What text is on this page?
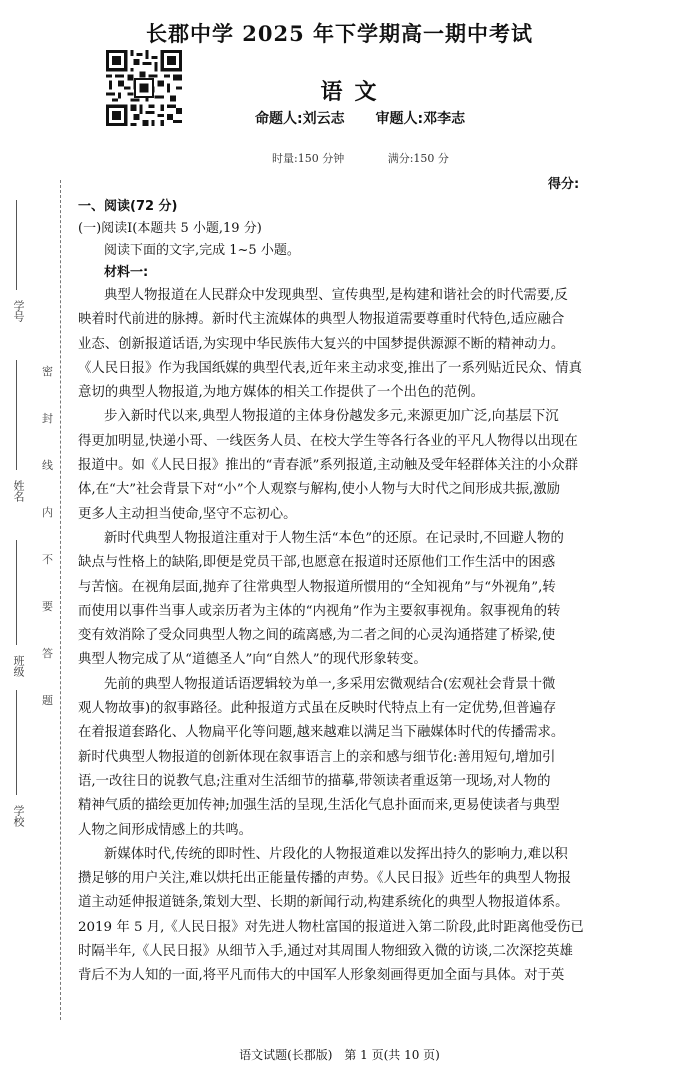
长郡中学 2025 年下学期高一期中考试
语文
命题人:刘云志 审题人:邓李志
时量:150 分钟	满分:150 分
得分:
学号
姓名
班级
学校
密
封
线
内
不
要
答
题
一、阅读(72 分)
(一)阅读Ⅰ(本题共 5 小题,19 分)
阅读下面的文字,完成 1~5 小题。
材料一:
典型人物报道在人民群众中发现典型、宣传典型,是构建和谐社会的时代需要,反
映着时代前进的脉搏。新时代主流媒体的典型人物报道需要尊重时代特色,适应融合
业态、创新报道话语,为实现中华民族伟大复兴的中国梦提供源源不断的精神动力。
《人民日报》作为我国纸媒的典型代表,近年来主动求变,推出了一系列贴近民众、情真
意切的典型人物报道,为地方媒体的相关工作提供了一个出色的范例。
步入新时代以来,典型人物报道的主体身份越发多元,来源更加广泛,向基层下沉
得更加明显,快递小哥、一线医务人员、在校大学生等各行各业的平凡人物得以出现在
报道中。如《人民日报》推出的“青春派”系列报道,主动触及受年轻群体关注的小众群
体,在“大”社会背景下对“小”个人观察与解构,使小人物与大时代之间形成共振,激励
更多人主动担当使命,坚守不忘初心。
新时代典型人物报道注重对于人物生活“本色”的还原。在记录时,不回避人物的
缺点与性格上的缺陷,即便是党员干部,也愿意在报道时还原他们工作生活中的困惑
与苦恼。在视角层面,抛弃了往常典型人物报道所惯用的“全知视角”与“外视角”,转
而使用以事件当事人或亲历者为主体的“内视角”作为主要叙事视角。叙事视角的转
变有效消除了受众同典型人物之间的疏离感,为二者之间的心灵沟通搭建了桥梁,使
典型人物完成了从“道德圣人”向“自然人”的现代形象转变。
先前的典型人物报道话语逻辑较为单一,多采用宏微观结合(宏观社会背景十微
观人物故事)的叙事路径。此种报道方式虽在反映时代特点上有一定优势,但普遍存
在着报道套路化、人物扁平化等问题,越来越难以满足当下融媒体时代的传播需求。
新时代典型人物报道的创新体现在叙事语言上的亲和感与细节化:善用短句,增加引
语,一改往日的说教气息;注重对生活细节的描摹,带领读者重返第一现场,对人物的
精神气质的描绘更加传神;加强生活的呈现,生活化气息扑面而来,更易使读者与典型
人物之间形成情感上的共鸣。
新媒体时代,传统的即时性、片段化的人物报道难以发挥出持久的影响力,难以积
攒足够的用户关注,难以烘托出正能量传播的声势。《人民日报》近些年的典型人物报
道主动延伸报道链条,策划大型、长期的新闻行动,构建系统化的典型人物报道体系。
2019 年 5 月,《人民日报》对先进人物杜富国的报道进入第二阶段,此时距离他受伤已
时隔半年,《人民日报》从细节入手,通过对其周围人物细致入微的访谈,二次深挖英雄
背后不为人知的一面,将平凡而伟大的中国军人形象刻画得更加全面与具体。对于英
语文试题(长郡版) 第 1 页(共 10 页)
